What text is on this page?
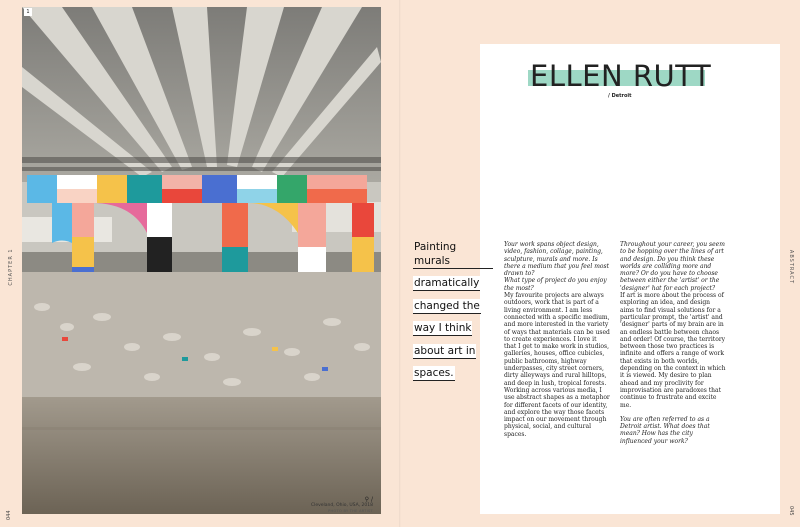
1
CHAPTER 1	ABSTRACT
044	045
⚲ /
Cleveland, Ohio, USA, 2018
PHOTO BY THE ARTIST
ELLEN RUTT
/ Detroit
Painting murals
dramatically
changed the
way I think
about art in
spaces.

Your work spans object design, video, fashion, collage, painting, sculpture, murals and more. Is there a medium that you feel most drawn to?

What type of project do you enjoy the most?

My favourite projects are always outdoors, work that is part of a living environment. I am less connected with a specific medium, and more interested in the variety of ways that materials can be used to create experiences. I love it that I get to make work in studios, galleries, houses, office cubicles, public bathrooms, highway underpasses, city street corners, dirty alleyways and rural hilltops, and deep in lush, tropical forests. Working across various media, I use abstract shapes as a metaphor for different facets of our identity, and explore the way those facets impact on our movement through physical, social, and cultural spaces.

Throughout your career, you seem to be hopping over the lines of art and design. Do you think these worlds are colliding more and more? Or do you have to choose between either the 'artist' or the 'designer' hat for each project?

If art is more about the process of exploring an idea, and design aims to find visual solutions for a particular prompt, the 'artist' and 'designer' parts of my brain are in an endless battle between chaos and order! Of course, the territory between those two practices is infinite and offers a range of work that exists in both worlds, depending on the context in which it is viewed. My desire to plan ahead and my proclivity for improvisation are paradoxes that continue to frustrate and excite me.

You are often referred to as a Detroit artist. What does that mean? How has the city influenced your work?
